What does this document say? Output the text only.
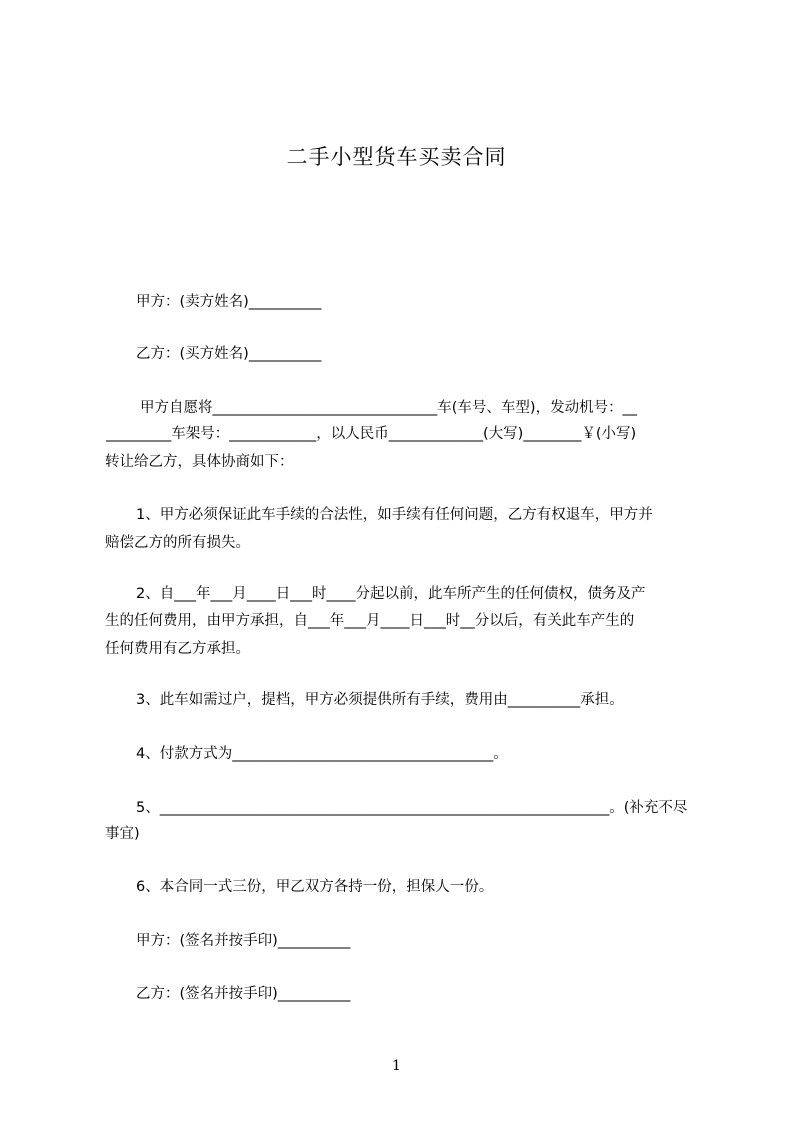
二手小型货车买卖合同
甲方：(卖方姓名)__________
乙方：(买方姓名)__________
甲方自愿将_______________________________车(车号、车型)，发动机号：__
_________车架号：____________，以人民币_____________(大写)________￥(小写)
转让给乙方，具体协商如下：
1、甲方必须保证此车手续的合法性，如手续有任何问题，乙方有权退车，甲方并
赔偿乙方的所有损失。
2、自___年___月____日___时____分起以前，此车所产生的任何债权，债务及产
生的任何费用，由甲方承担，自___年___月____日___时__分以后，有关此车产生的
任何费用有乙方承担。
3、此车如需过户，提档，甲方必须提供所有手续，费用由__________承担。
4、付款方式为____________________________________。
5、______________________________________________________________。(补充不尽
事宜)
6、本合同一式三份，甲乙双方各持一份，担保人一份。
甲方：(签名并按手印)__________
乙方：(签名并按手印)__________
1
